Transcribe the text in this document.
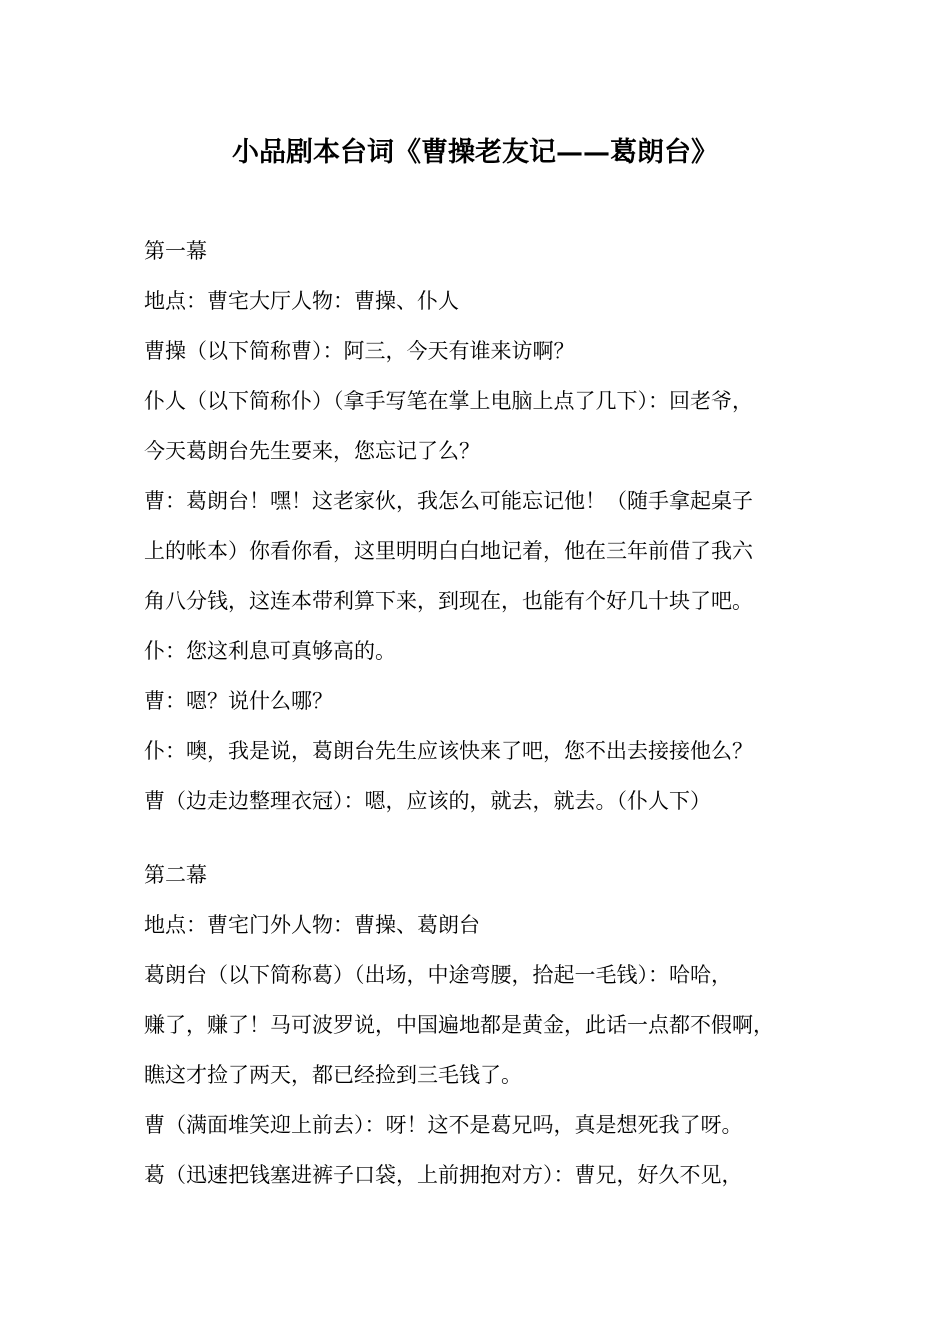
小品剧本台词《曹操老友记——葛朗台》

第一幕

地点：曹宅大厅人物：曹操、仆人

曹操（以下简称曹）：阿三，今天有谁来访啊？

仆人（以下简称仆）（拿手写笔在掌上电脑上点了几下）：回老爷，

今天葛朗台先生要来，您忘记了么？

曹：葛朗台！嘿！这老家伙，我怎么可能忘记他！（随手拿起桌子

上的帐本）你看你看，这里明明白白地记着，他在三年前借了我六

角八分钱，这连本带利算下来，到现在，也能有个好几十块了吧。

仆：您这利息可真够高的。

曹：嗯？说什么哪？

仆：噢，我是说，葛朗台先生应该快来了吧，您不出去接接他么？

曹（边走边整理衣冠）：嗯，应该的，就去，就去。（仆人下）

第二幕

地点：曹宅门外人物：曹操、葛朗台

葛朗台（以下简称葛）（出场，中途弯腰，拾起一毛钱）：哈哈，

赚了，赚了！马可波罗说，中国遍地都是黄金，此话一点都不假啊，

瞧这才捡了两天，都已经捡到三毛钱了。

曹（满面堆笑迎上前去）：呀！这不是葛兄吗，真是想死我了呀。

葛（迅速把钱塞进裤子口袋，上前拥抱对方）：曹兄，好久不见，
